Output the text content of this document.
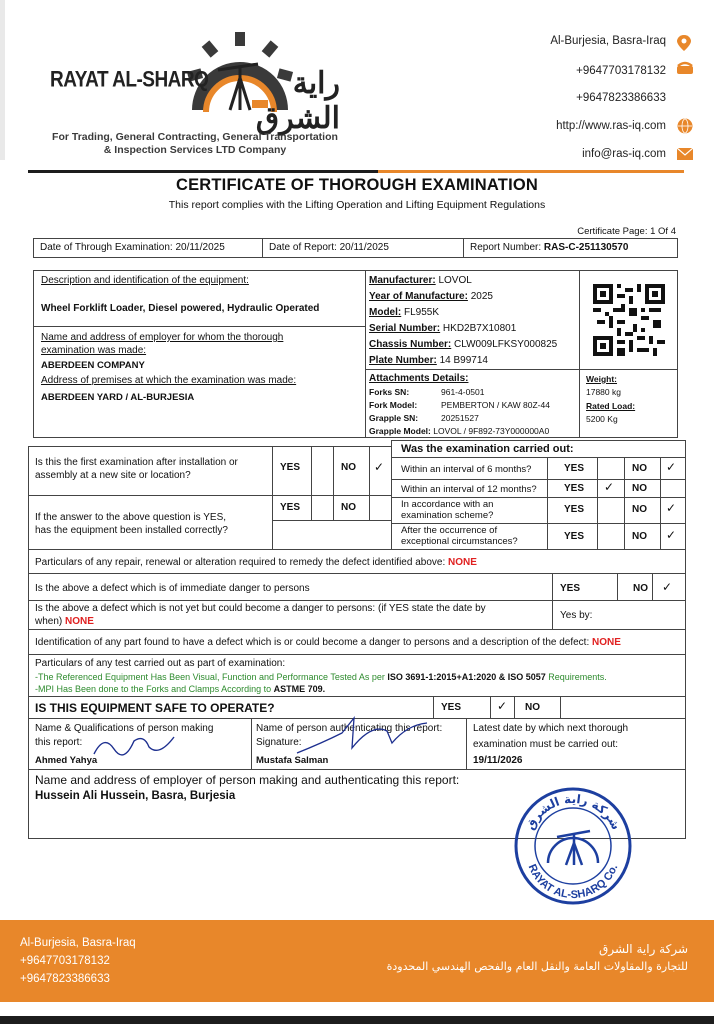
RAYAT AL-SHARQ	راية الشرق
For Trading, General Contracting, General Transportation
& Inspection Services LTD Company
Al-Burjesia, Basra-Iraq
+9647703178132
+9647823386633
http://www.ras-iq.com
info@ras-iq.com
CERTIFICATE OF THOROUGH EXAMINATION
This report complies with the Lifting Operation and Lifting Equipment Regulations
Certificate Page: 1 Of 4
Date of Through Examination: 20/11/2025	Date of Report: 20/11/2025	Report Number: RAS-C-251130570
Description and identification of the equipment:
Wheel Forklift Loader, Diesel powered, Hydraulic Operated
Name and address of employer for whom the thorough
examination was made:
ABERDEEN COMPANY
Address of premises at which the examination was made:
ABERDEEN YARD / AL-BURJESIA
Manufacturer: LOVOL
Year of Manufacture: 2025
Model: FL955K
Serial Number: HKD2B7X10801
Chassis Number: CLW009LFKSY000825
Plate Number: 14 B99714
Attachments Details:
Forks SN:	961-4-0501
Fork Model:	PEMBERTON / KAW 80Z-44
Grapple SN:	20251527
Grapple Model: LOVOL / 9F892-73Y000000A0
Weight:
17880 kg
Rated Load:
5200 Kg
Is this the first examination after installation or
assembly at a new site or location?
YES	NO ✓
If the answer to the above question is YES,
has the equipment been installed correctly?
YES	NO
Was the examination carried out:
Within an interval of 6 months?	YES	NO ✓
Within an interval of 12 months?	YES ✓ NO
In accordance with an
examination scheme?
YES	NO ✓
After the occurrence of
exceptional circumstances?	YES	NO ✓
Particulars of any repair, renewal or alteration required to remedy the defect identified above: NONE
Is the above a defect which is of immediate danger to persons	YES	NO ✓
Is the above a defect which is not yet but could become a danger to persons: (if YES state the date by
when) NONE
Yes by:
Identification of any part found to have a defect which is or could become a danger to persons and a description of the defect: NONE
Particulars of any test carried out as part of examination:
-The Referenced Equipment Has Been Visual, Function and Performance Tested As per ISO 3691-1:2015+A1:2020 & ISO 5057 Requirements.
-MPI Has Been done to the Forks and Clamps According to ASTME 709.
IS THIS EQUIPMENT SAFE TO OPERATE?	YES	✓ NO
Name & Qualifications of person making
this report:
Ahmed Yahya
Name of person authenticating this report:
Signature:
Mustafa Salman
Latest date by which next thorough
examination must be carried out:
19/11/2026
Name and address of employer of person making and authenticating this report:
Hussein Ali Hussein, Basra, Burjesia
شركة راية الشرق
RAYAT AL-SHARQ Co.
Al-Burjesia, Basra-Iraq
+9647703178132
+9647823386633
شركة راية الشرق
للتجارة والمقاولات العامة والنقل العام والفحص الهندسي المحدودة
